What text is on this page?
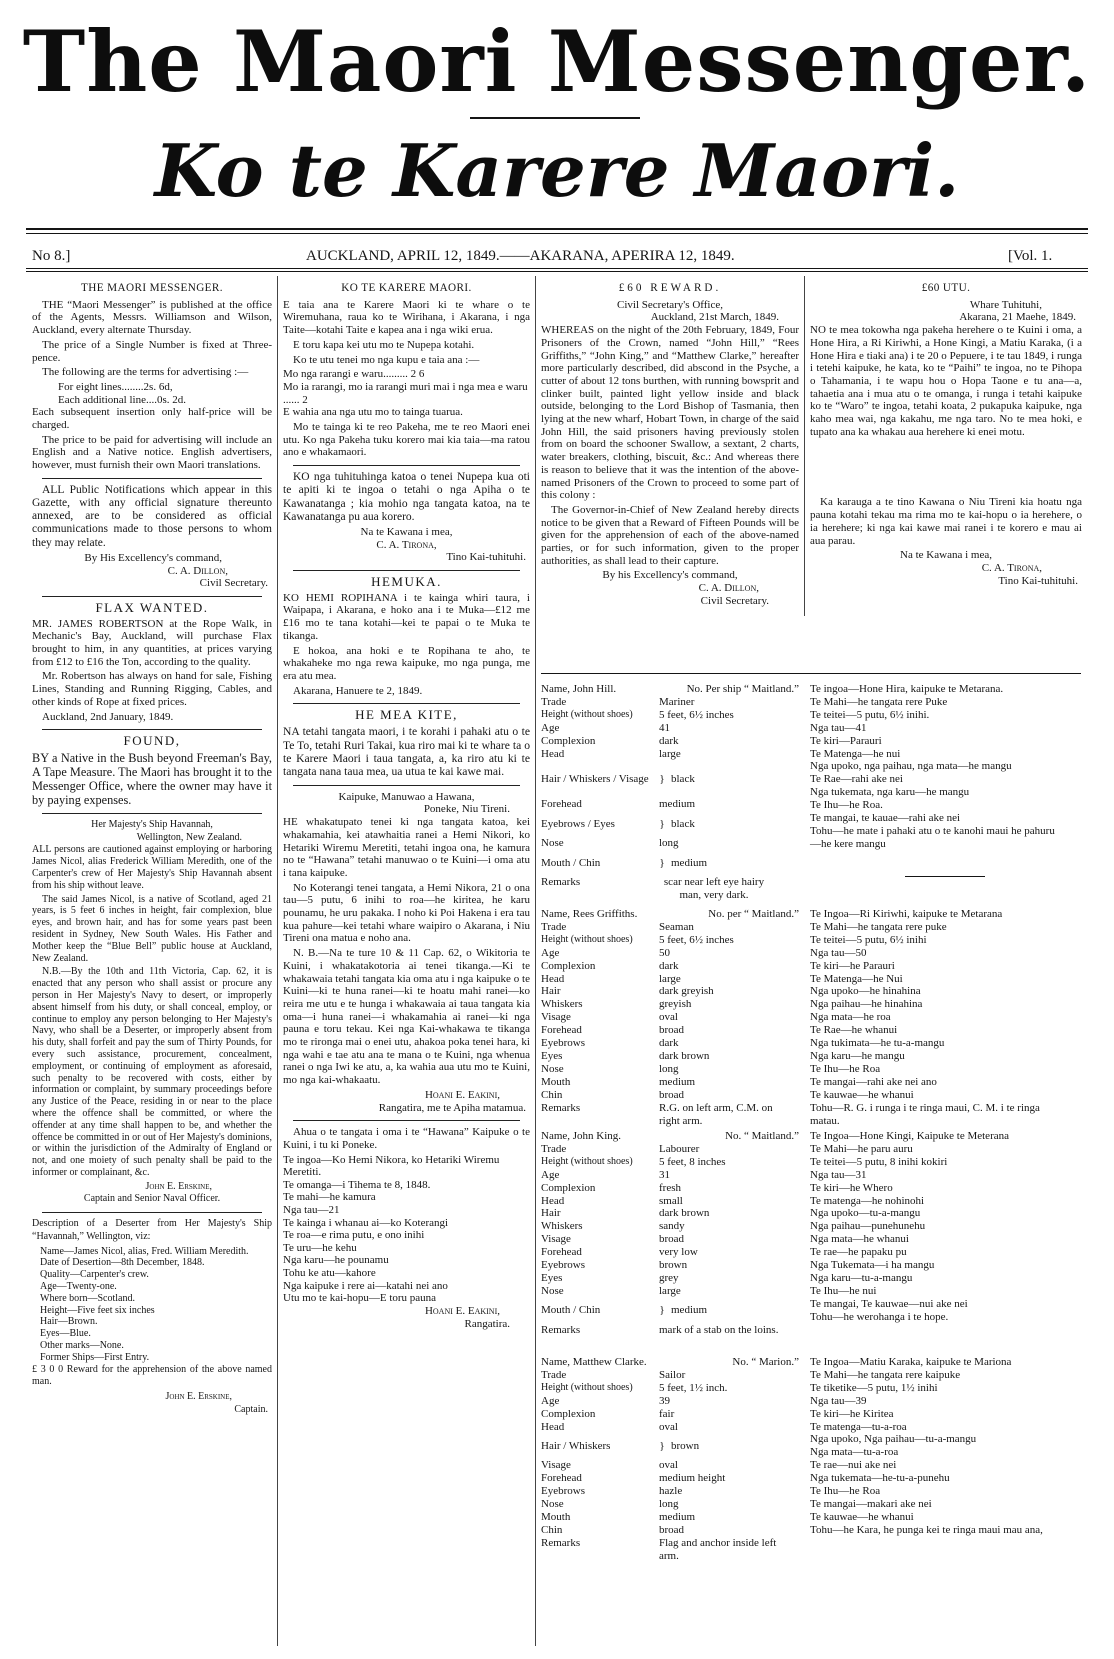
The Maori Messenger.
Ko te Karere Maori.
No 8.]	AUCKLAND, APRIL 12, 1849.——AKARANA, APERIRA 12, 1849.	[Vol. 1.
THE MAORI MESSENGER.
THE “Maori Messenger” is published at the office of the Agents, Messrs. Williamson and Wilson, Auckland, every alternate Thursday.
The price of a Single Number is fixed at Three-pence.
The following are the terms for advertising :—
For eight lines........2s. 6d,
Each additional line....0s. 2d.
Each subsequent insertion only half-price will be charged.
The price to be paid for advertising will include an English and a Native notice. English advertisers, however, must furnish their own Maori translations.
ALL Public Notifications which appear in this Gazette, with any official signature thereunto annexed, are to be considered as official communications made to those persons to whom they may relate.
By His Excellency's command,
C. A. Dillon,
Civil Secretary.
FLAX WANTED.
MR. JAMES ROBERTSON at the Rope Walk, in Mechanic's Bay, Auckland, will purchase Flax brought to him, in any quantities, at prices varying from £12 to £16 the Ton, according to the quality.
Mr. Robertson has always on hand for sale, Fishing Lines, Standing and Running Rigging, Cables, and other kinds of Rope at fixed prices.
Auckland, 2nd January, 1849.
FOUND,
BY a Native in the Bush beyond Freeman's Bay, A Tape Measure. The Maori has brought it to the Messenger Office, where the owner may have it by paying expenses.
Her Majesty's Ship Havannah,
Wellington, New Zealand.
ALL persons are cautioned against employing or harboring James Nicol, alias Frederick William Meredith, one of the Carpenter's crew of Her Majesty's Ship Havannah absent from his ship without leave.
The said James Nicol, is a native of Scotland, aged 21 years, is 5 feet 6 inches in height, fair complexion, blue eyes, and brown hair, and has for some years past been resident in Sydney, New South Wales. His Father and Mother keep the “Blue Bell” public house at Auckland, New Zealand.
N.B.—By the 10th and 11th Victoria, Cap. 62, it is enacted that any person who shall assist or procure any person in Her Majesty's Navy to desert, or improperly absent himself from his duty, or shall conceal, employ, or continue to employ any person belonging to Her Majesty's Navy, who shall be a Deserter, or improperly absent from his duty, shall forfeit and pay the sum of Thirty Pounds, for every such assistance, procurement, concealment, employment, or continuing of employment as aforesaid, such penalty to be recovered with costs, either by information or complaint, by summary proceedings before any Justice of the Peace, residing in or near to the place where the offence shall be committed, or where the offender at any time shall happen to be, and whether the offence be committed in or out of Her Majesty's dominions, or within the jurisdiction of the Admiralty of England or not, and one moiety of such penalty shall be paid to the informer or complainant, &c.
John E. Erskine,
Captain and Senior Naval Officer.
Description of a Deserter from Her Majesty's Ship “Havannah,” Wellington, viz:
Name—James Nicol, alias, Fred. William Meredith.
Date of Desertion—8th December, 1848.
Quality—Carpenter's crew.
Age—Twenty-one.
Where born—Scotland.
Height—Five feet six inches
Hair—Brown.
Eyes—Blue.
Other marks—None.
Former Ships—First Entry.
£ 3 0 0 Reward for the apprehension of the above named man.
John E. Erskine,
Captain.
KO TE KARERE MAORI.
E taia ana te Karere Maori ki te whare o te Wiremuhana, raua ko te Wirihana, i Akarana, i nga Taite—kotahi Taite e kapea ana i nga wiki erua.
E toru kapa kei utu mo te Nupepa kotahi.
Ko te utu tenei mo nga kupu e taia ana :—
Mo nga rarangi e waru......... 2 6
Mo ia rarangi, mo ia rarangi muri mai i nga mea e waru ...... 2
E wahia ana nga utu mo to tainga tuarua.
Mo te tainga ki te reo Pakeha, me te reo Maori enei utu. Ko nga Pakeha tuku korero mai kia taia—ma ratou ano e whakamaori.
KO nga tuhituhinga katoa o tenei Nupepa kua oti te apiti ki te ingoa o tetahi o nga Apiha o te Kawanatanga ; kia mohio nga tangata katoa, na te Kawanatanga pu aua korero.
Na te Kawana i mea,
C. A. Tirona,
Tino Kai-tuhituhi.
HEMUKA.
KO HEMI ROPIHANA i te kainga whiri taura, i Waipapa, i Akarana, e hoko ana i te Muka—£12 me £16 mo te tana kotahi—kei te papai o te Muka te tikanga.
E hokoa, ana hoki e te Ropihana te aho, te whakaheke mo nga rewa kaipuke, mo nga punga, me era atu mea.
Akarana, Hanuere te 2, 1849.
HE MEA KITE,
NA tetahi tangata maori, i te korahi i pahaki atu o te Te To, tetahi Ruri Takai, kua riro mai ki te whare ta o te Karere Maori i taua tangata, a, ka riro atu ki te tangata nana taua mea, ua utua te kai kawe mai.
Kaipuke, Manuwao a Hawana,
Poneke, Niu Tireni.
HE whakatupato tenei ki nga tangata katoa, kei whakamahia, kei atawhaitia ranei a Hemi Nikori, ko Hetariki Wiremu Meretiti, tetahi ingoa ona, he kamura no te “Hawana” tetahi manuwao o te Kuini—i oma atu i tana kaipuke.
No Koterangi tenei tangata, a Hemi Nikora, 21 o ona tau—5 putu, 6 inihi to roa—he kiritea, he karu pounamu, he uru pakaka. I noho ki Poi Hakena i era tau kua pahure—kei tetahi whare waipiro o Akarana, i Niu Tireni ona matua e noho ana.
N. B.—Na te ture 10 & 11 Cap. 62, o Wikitoria te Kuini, i whakatakotoria ai tenei tikanga.—Ki te whakawaia tetahi tangata kia oma atu i nga kaipuke o te Kuini—ki te huna ranei—ki te hoatu mahi ranei—ko reira me utu e te hunga i whakawaia ai taua tangata kia oma—i huna ranei—i whakamahia ai ranei—ki nga pauna e toru tekau. Kei nga Kai-whakawa te tikanga mo te rironga mai o enei utu, ahakoa poka tenei hara, ki nga wahi e tae atu ana te mana o te Kuini, nga whenua ranei o nga Iwi ke atu, a, ka wahia aua utu mo te Kuini, mo nga kai-whakaatu.
Hoani E. Eakini,
Rangatira, me te Apiha matamua.
Ahua o te tangata i oma i te “Hawana” Kaipuke o te Kuini, i tu ki Poneke.
Te ingoa—Ko Hemi Nikora, ko Hetariki Wiremu Meretiti.
Te omanga—i Tihema te 8, 1848.
Te mahi—he kamura
Nga tau—21
Te kainga i whanau ai—ko Koterangi
Te roa—e rima putu, e ono inihi
Te uru—he kehu
Nga karu—he pounamu
Tohu ke atu—kahore
Nga kaipuke i rere ai—katahi nei ano
Utu mo te kai-hopu—E toru pauna
Hoani E. Eakini,
Rangatira.
£60 REWARD.
Civil Secretary's Office,
Auckland, 21st March, 1849.
WHEREAS on the night of the 20th February, 1849, Four Prisoners of the Crown, named “John Hill,” “Rees Griffiths,” “John King,” and “Matthew Clarke,” hereafter more particularly described, did abscond in the Psyche, a cutter of about 12 tons burthen, with running bowsprit and clinker built, painted light yellow inside and black outside, belonging to the Lord Bishop of Tasmania, then lying at the new wharf, Hobart Town, in charge of the said John Hill, the said prisoners having previously stolen from on board the schooner Swallow, a sextant, 2 charts, water breakers, clothing, biscuit, &c.: And whereas there is reason to believe that it was the intention of the above-named Prisoners of the Crown to proceed to some part of this colony :
The Governor-in-Chief of New Zealand hereby directs notice to be given that a Reward of Fifteen Pounds will be given for the apprehension of each of the above-named parties, or for such information, given to the proper authorities, as shall lead to their capture.
By his Excellency's command,
C. A. Dillon,
Civil Secretary.
£60 UTU.
Whare Tuhituhi,
Akarana, 21 Maehe, 1849.
NO te mea tokowha nga pakeha herehere o te Kuini i oma, a Hone Hira, a Ri Kiriwhi, a Hone Kingi, a Matiu Karaka, (i a Hone Hira e tiaki ana) i te 20 o Pepuere, i te tau 1849, i runga i tetehi kaipuke, he kata, ko te “Paihi” te ingoa, no te Pihopa o Tahamania, i te wapu hou o Hopa Taone e tu ana—a, tahaetia ana i mua atu o te omanga, i runga i tetahi kaipuke ko te “Waro” te ingoa, tetahi koata, 2 pukapuka kaipuke, nga kaho mea wai, nga kakahu, me nga taro. No te mea hoki, e tupato ana ka whakau aua herehere ki enei motu.
Ka karauga a te tino Kawana o Niu Tireni kia hoatu nga pauna kotahi tekau ma rima mo te kai-hopu o ia herehere, o ia herehere; ki nga kai kawe mai ranei i te korero e mau ai aua parau.
Na te Kawana i mea,
C. A. Tirona,
Tino Kai-tuhituhi.
Name, John Hill.	No. Per ship “ Maitland.”
Trade	Mariner
Height (without shoes)	5 feet, 6½ inches
Age	41
Complexion	dark
Head	large
Hair / Whiskers / Visage } black
Forehead	medium
Eyebrows / Eyes	} black
Nose	long
Mouth / Chin	} medium
Remarks	scar near left eye hairy man, very dark.
Te ingoa—Hone Hira, kaipuke te Metarana.
Te Mahi—he tangata rere Puke
Te teitei—5 putu, 6½ inihi.
Nga tau—41
Te kiri—Parauri
Te Matenga—he nui
Nga upoko, nga paihau, nga mata—he mangu
Te Rae—rahi ake nei
Nga tukemata, nga karu—he mangu
Te Ihu—he Roa.
Te mangai, te kauae—rahi ake nei
Tohu—he mate i pahaki atu o te kanohi maui he pahuru—he kere mangu
Name, Rees Griffiths.	No. per “ Maitland.”
Trade	Seaman
Height (without shoes)	5 feet, 6½ inches
Age	50
Complexion	dark
Head	large
Hair	dark greyish
Whiskers	greyish
Visage	oval
Forehead	broad
Eyebrows	dark
Eyes	dark brown
Nose	long
Mouth	medium
Chin	broad
Remarks	R.G. on left arm, C.M. on right arm.
Te Ingoa—Ri Kiriwhi, kaipuke te Metarana
Te Mahi—he tangata rere puke
Te teitei—5 putu, 6½ inihi
Nga tau—50
Te kiri—he Parauri
Te Matenga—he Nui
Nga upoko—he hinahina
Nga paihau—he hinahina
Nga mata—he roa
Te Rae—he whanui
Nga tukimata—he tu-a-mangu
Nga karu—he mangu
Te Ihu—he Roa
Te mangai—rahi ake nei ano
Te kauwae—he whanui
Tohu—R. G. i runga i te ringa maui, C. M. i te ringa matau.
Name, John King.	No. “ Maitland.”
Trade	Labourer
Height (without shoes)	5 feet, 8 inches
Age	31
Complexion	fresh
Head	small
Hair	dark brown
Whiskers	sandy
Visage	broad
Forehead	very low
Eyebrows	brown
Eyes	grey
Nose	large
Mouth / Chin	} medium
Remarks	mark of a stab on the loins.
Te Ingoa—Hone Kingi, Kaipuke te Meterana
Te Mahi—he paru auru
Te teitei—5 putu, 8 inihi kokiri
Nga tau—31
Te kiri—he Whero
Te matenga—he nohinohi
Nga upoko—tu-a-mangu
Nga paihau—punehunehu
Nga mata—he whanui
Te rae—he papaku pu
Nga Tukemata—i ha mangu
Nga karu—tu-a-mangu
Te Ihu—he nui
Te mangai, Te kauwae—nui ake nei
Tohu—he werohanga i te hope.
Name, Matthew Clarke.	No. “ Marion.”
Trade	Sailor
Height (without shoes)	5 feet, 1½ inch.
Age	39
Complexion	fair
Head	oval
Hair / Whiskers	} brown
Visage	oval
Forehead	medium height
Eyebrows	hazle
Nose	long
Mouth	medium
Chin	broad
Remarks	Flag and anchor inside left arm.
Te Ingoa—Matiu Karaka, kaipuke te Mariona
Te Mahi—he tangata rere kaipuke
Te tiketike—5 putu, 1½ inihi
Nga tau—39
Te kiri—he Kiritea
Te matenga—tu-a-roa
Nga upoko, Nga paihau—tu-a-mangu
Nga mata—tu-a-roa
Te rae—nui ake nei
Nga tukemata—he-tu-a-punehu
Te Ihu—he Roa
Te mangai—makari ake nei
Te kauwae—he whanui
Tohu—he Kara, he punga kei te ringa maui mau ana,
